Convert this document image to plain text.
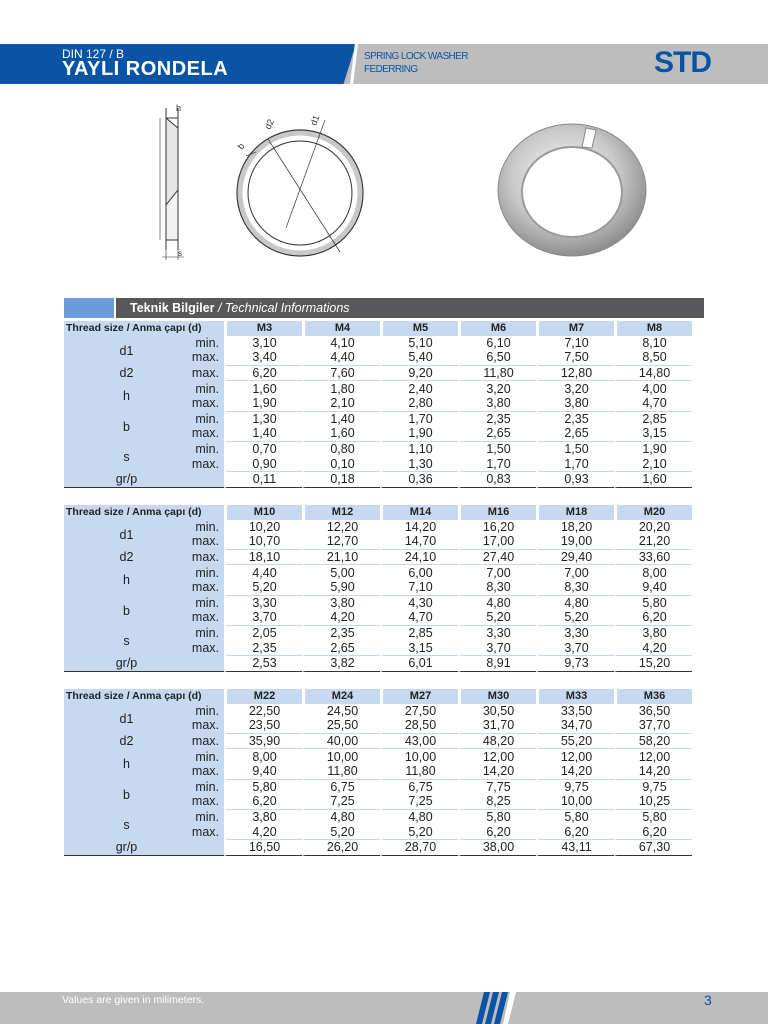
DIN 127 / B
YAYLI RONDELA
SPRING LOCK WASHER
FEDERRING	STD
h
s
b
d2	d1
Teknik Bilgiler / Technical Informations
Thread size / Anma çapı (d)		M3	M4	M5	M6	M7	M8
d1	min.	3,10	4,10	5,10	6,10	7,10	8,10
	max.	3,40	4,40	5,40	6,50	7,50	8,50
d2	max.	6,20	7,60	9,20	11,80	12,80	14,80
h	min.	1,60	1,80	2,40	3,20	3,20	4,00
	max.	1,90	2,10	2,80	3,80	3,80	4,70
b	min.	1,30	1,40	1,70	2,35	2,35	2,85
	max.	1,40	1,60	1,90	2,65	2,65	3,15
s	min.	0,70	0,80	1,10	1,50	1,50	1,90
	max.	0,90	0,10	1,30	1,70	1,70	2,10
gr/p		0,11	0,18	0,36	0,83	0,93	1,60
Thread size / Anma çapı (d)		M10	M12	M14	M16	M18	M20
d1	min.	10,20	12,20	14,20	16,20	18,20	20,20
	max.	10,70	12,70	14,70	17,00	19,00	21,20
d2	max.	18,10	21,10	24,10	27,40	29,40	33,60
h	min.	4,40	5,00	6,00	7,00	7,00	8,00
	max.	5,20	5,90	7,10	8,30	8,30	9,40
b	min.	3,30	3,80	4,30	4,80	4,80	5,80
	max.	3,70	4,20	4,70	5,20	5,20	6,20
s	min.	2,05	2,35	2,85	3,30	3,30	3,80
	max.	2,35	2,65	3,15	3,70	3,70	4,20
gr/p		2,53	3,82	6,01	8,91	9,73	15,20
Thread size / Anma çapı (d)		M22	M24	M27	M30	M33	M36
d1	min.	22,50	24,50	27,50	30,50	33,50	36,50
	max.	23,50	25,50	28,50	31,70	34,70	37,70
d2	max.	35,90	40,00	43,00	48,20	55,20	58,20
h	min.	8,00	10,00	10,00	12,00	12,00	12,00
	max.	9,40	11,80	11,80	14,20	14,20	14,20
b	min.	5,80	6,75	6,75	7,75	9,75	9,75
	max.	6,20	7,25	7,25	8,25	10,00	10,25
s	min.	3,80	4,80	4,80	5,80	5,80	5,80
	max.	4,20	5,20	5,20	6,20	6,20	6,20
gr/p		16,50	26,20	28,70	38,00	43,11	67,30
Values are given in milimeters.	3
